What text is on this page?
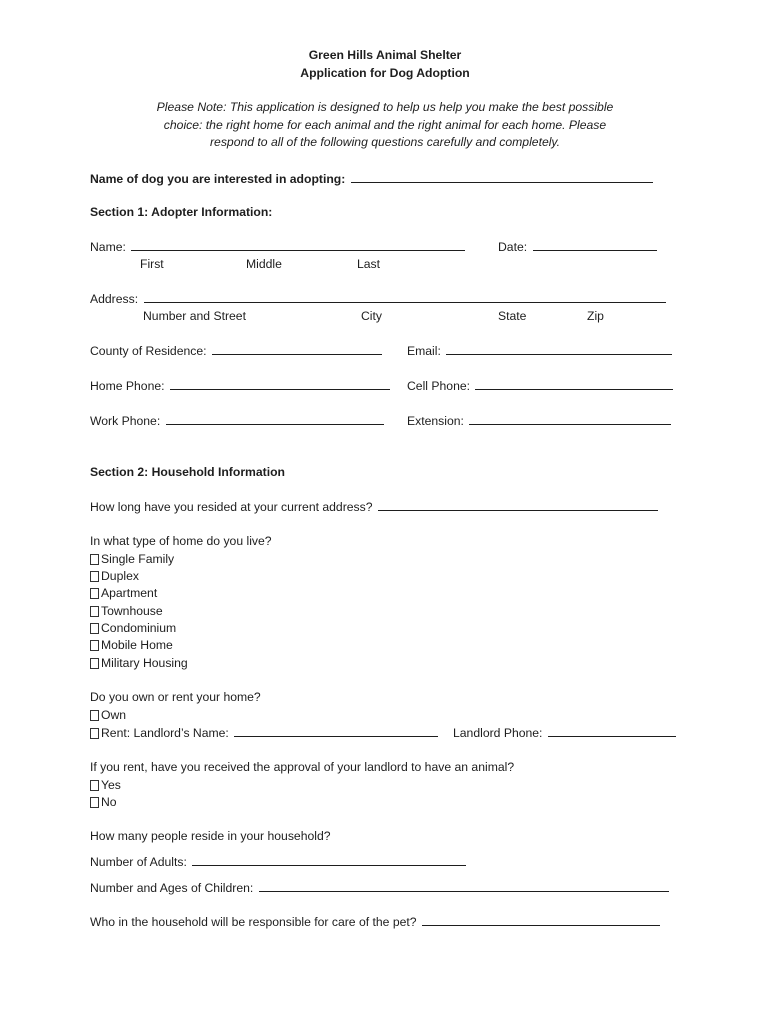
Green Hills Animal Shelter
Application for Dog Adoption
Please Note: This application is designed to help us help you make the best possible
choice: the right home for each animal and the right animal for each home. Please
respond to all of the following questions carefully and completely.
Name of dog you are interested in adopting:
Section 1: Adopter Information:
Name:	Date:
First	Middle	Last
Address:
Number and Street	City	State	Zip
County of Residence:	Email:
Home Phone:	Cell Phone:
Work Phone:	Extension:
Section 2: Household Information
How long have you resided at your current address?
In what type of home do you live?
Single Family
Duplex
Apartment
Townhouse
Condominium
Mobile Home
Military Housing
Do you own or rent your home?
Own
Rent: Landlord’s Name:	Landlord Phone:
If you rent, have you received the approval of your landlord to have an animal?
Yes
No
How many people reside in your household?
Number of Adults:
Number and Ages of Children:
Who in the household will be responsible for care of the pet?
